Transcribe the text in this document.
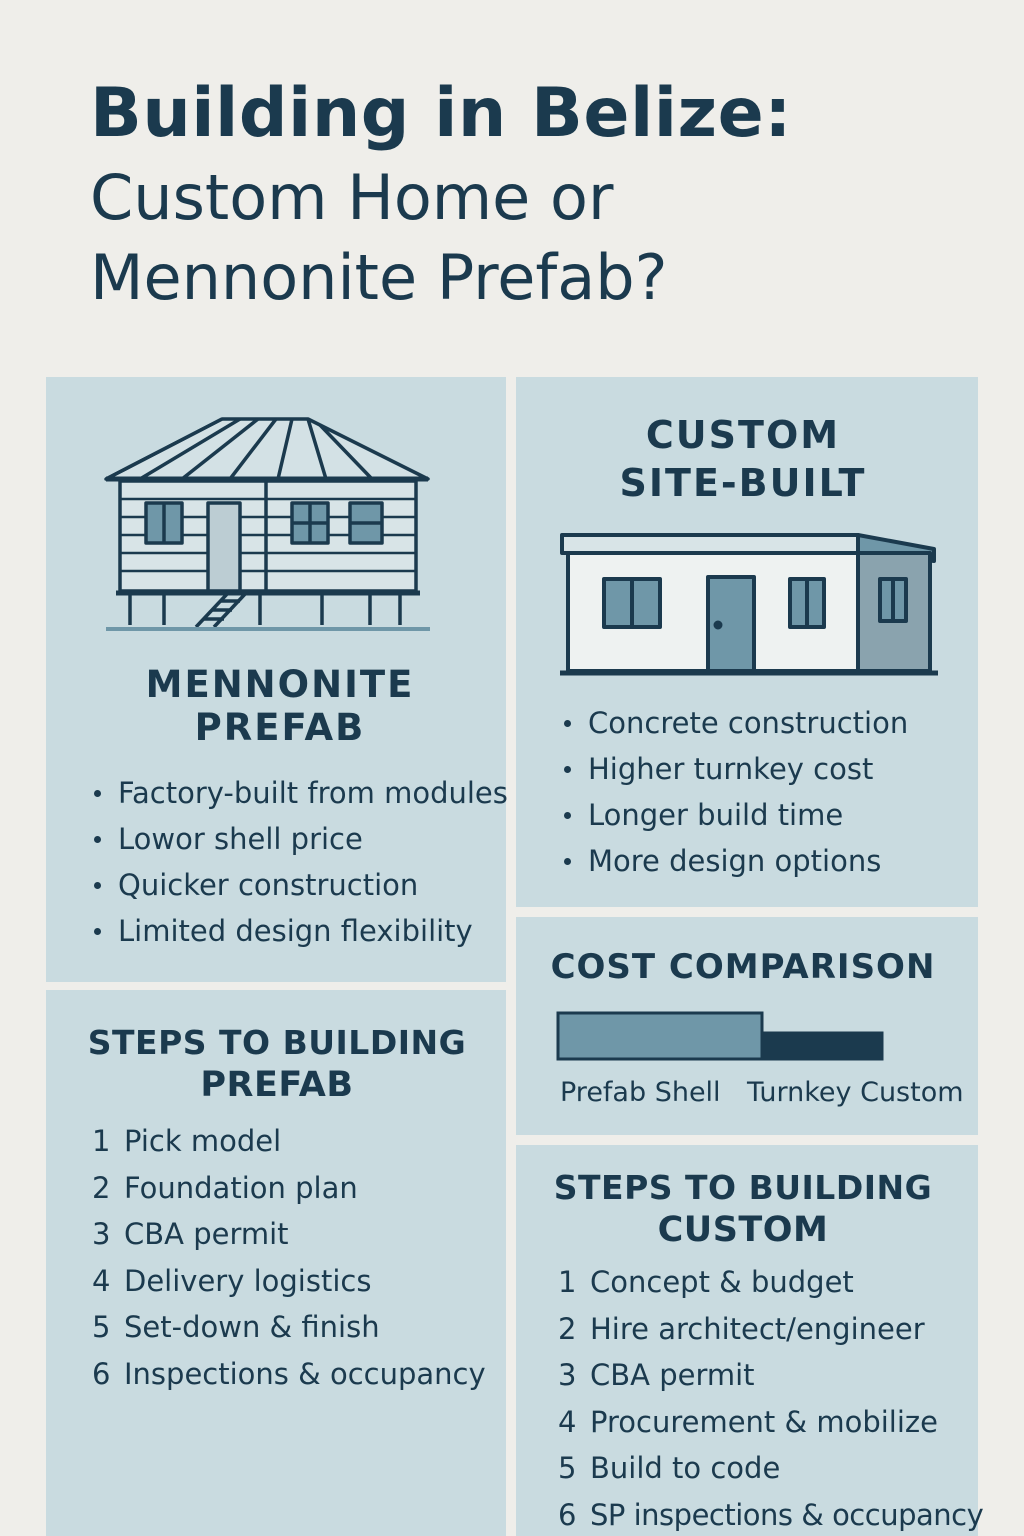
Building in Belize:
Custom Home or
Mennonite Prefab?
MENNONITE
PREFAB
Factory-built from modules
Lowor shell price
Quicker construction
Limited design flexibility
CUSTOM
SITE-BUILT
Concrete construction
Higher turnkey cost
Longer build time
More design options
COST COMPARISON
Prefab Shell Turnkey Custom
STEPS TO BUILDING
PREFAB
1 Pick model
2 Foundation plan
3 CBA permit
4 Delivery logistics
5 Set-down & finish
6 Inspections & occupancy
STEPS TO BUILDING
CUSTOM
1 Concept & budget
2 Hire architect/engineer
3 CBA permit
4 Procurement & mobilize
5 Build to code
6 SP inspections & occupancy
